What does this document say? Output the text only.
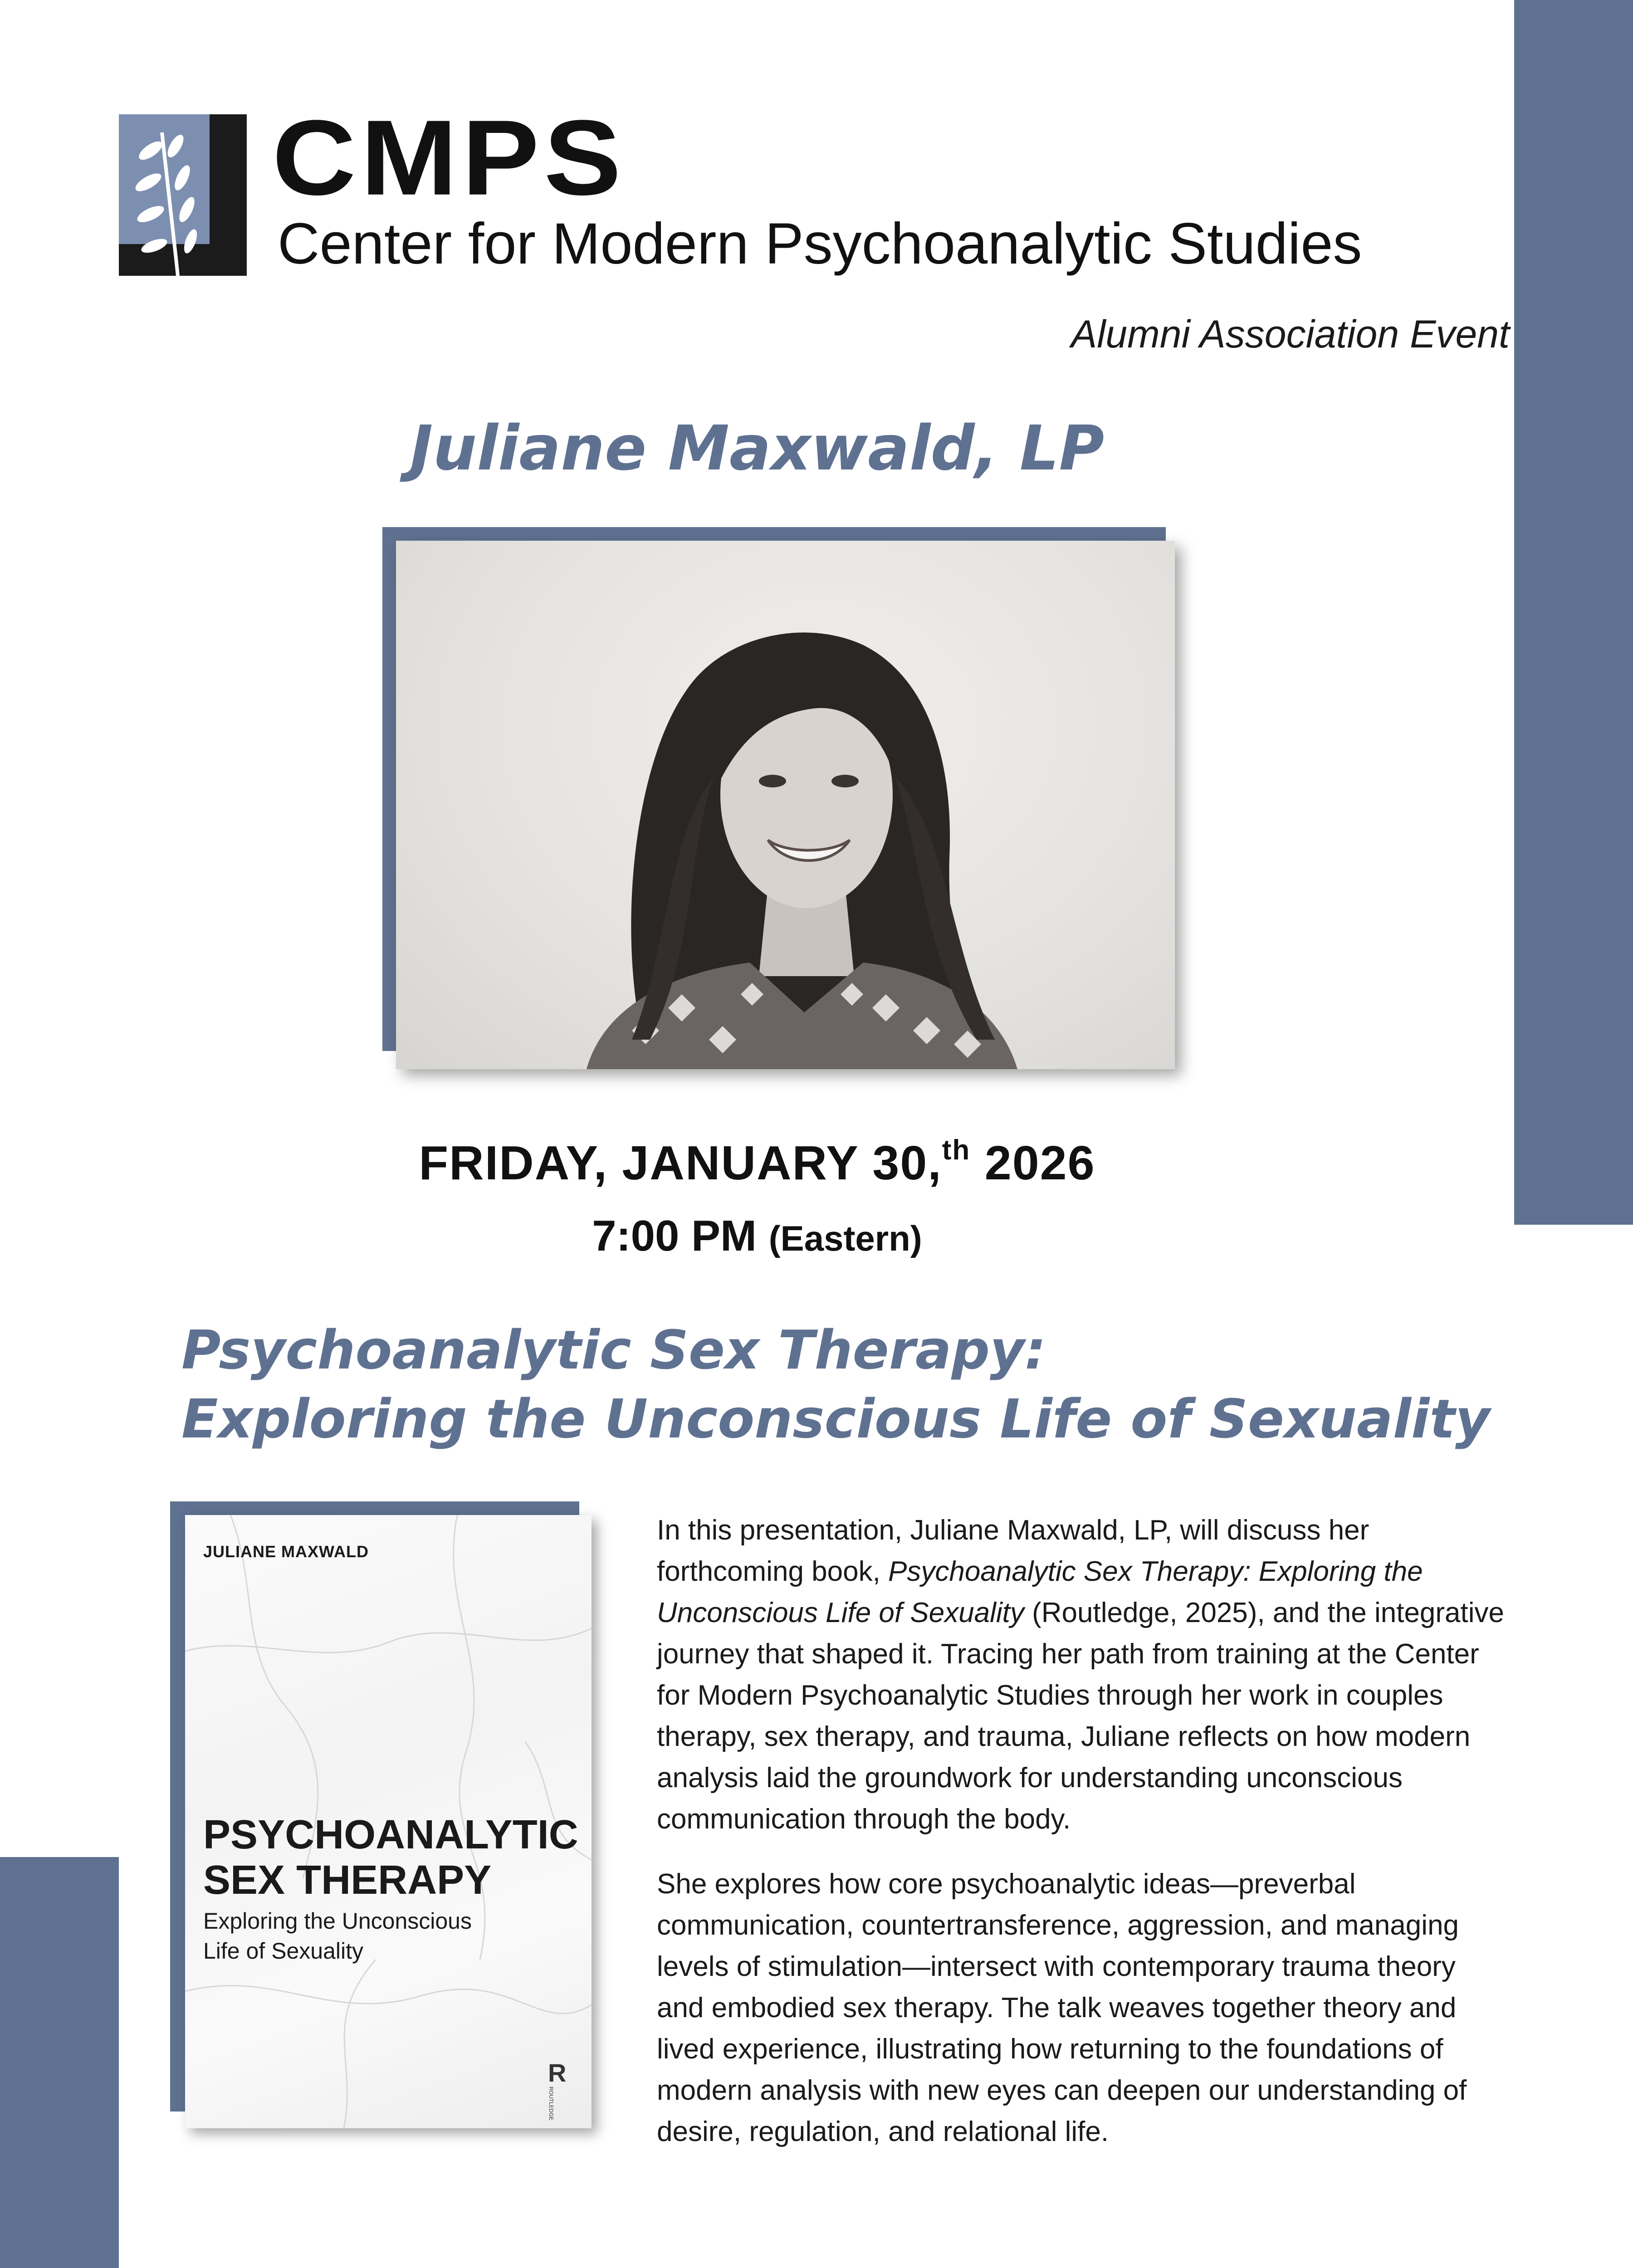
CMPS
Center for Modern Psychoanalytic Studies
Alumni Association Event
Juliane Maxwald, LP
FRIDAY, JANUARY 30,$^{th}$ 2026
7:00 PM (Eastern)
Psychoanalytic Sex Therapy:
Exploring the Unconscious Life of Sexuality
JULIANE MAXWALD
PSYCHOANALYTIC
SEX THERAPY
Exploring the Unconscious
Life of Sexuality
R
ROUTLEDGE

In this presentation, Juliane Maxwald, LP, will discuss her forthcoming book, Psychoanalytic Sex Therapy: Exploring the Unconscious Life of Sexuality (Routledge, 2025), and the integrative journey that shaped it. Tracing her path from training at the Center for Modern Psychoanalytic Studies through her work in couples therapy, sex therapy, and trauma, Juliane reflects on how modern analysis laid the groundwork for understanding unconscious communication through the body.

She explores how core psychoanalytic ideas—preverbal communication, countertransference, aggression, and managing levels of stimulation—intersect with contemporary trauma theory and embodied sex therapy. The talk weaves together theory and lived experience, illustrating how returning to the foundations of modern analysis with new eyes can deepen our understanding of desire, regulation, and relational life.
